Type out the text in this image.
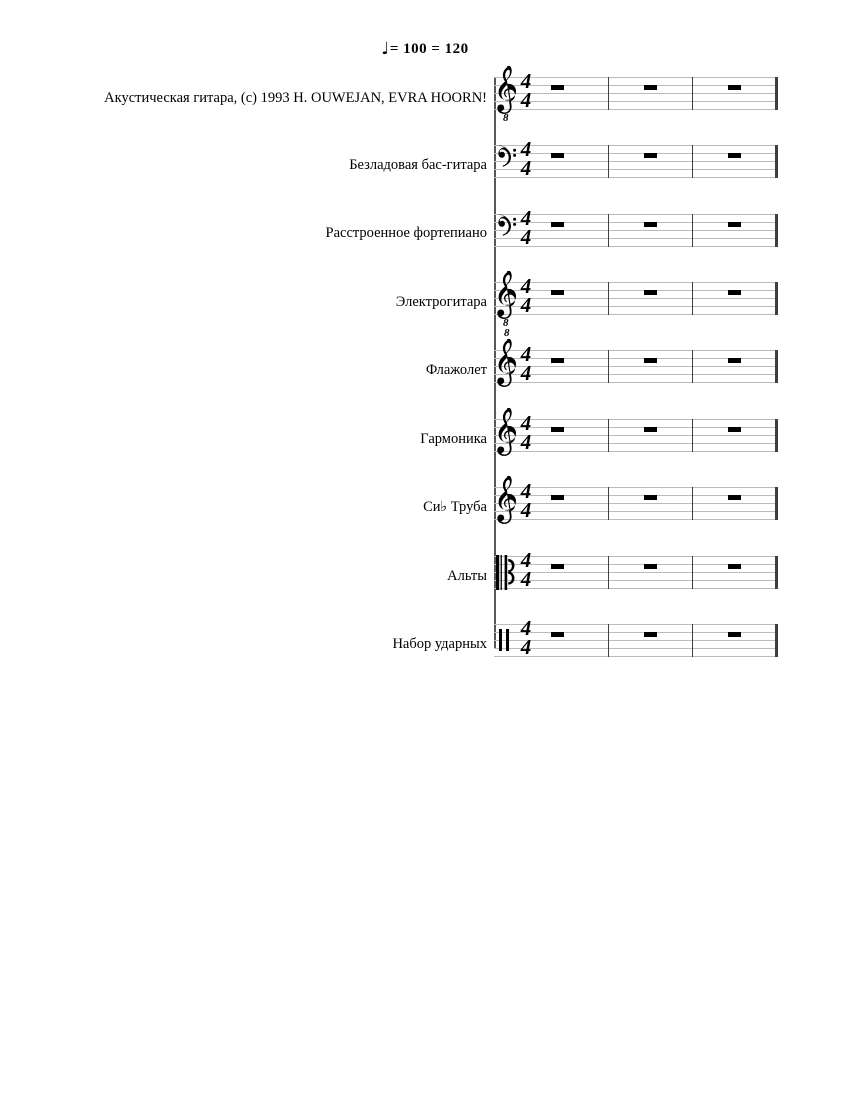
♩= 100 = 120
Акустическая гитара, (c) 1993 H. OUWEJAN, EVRA HOORN!
Безладовая бас-гитара
Расстроенное фортепиано
Электрогитара
Флажолет
Гармоника
Си♭ Труба
Альты
Набор ударных
8
4
4
4
4
4
4
8
4
4
8
4
4
4
4
4
4
4
4
4
4
